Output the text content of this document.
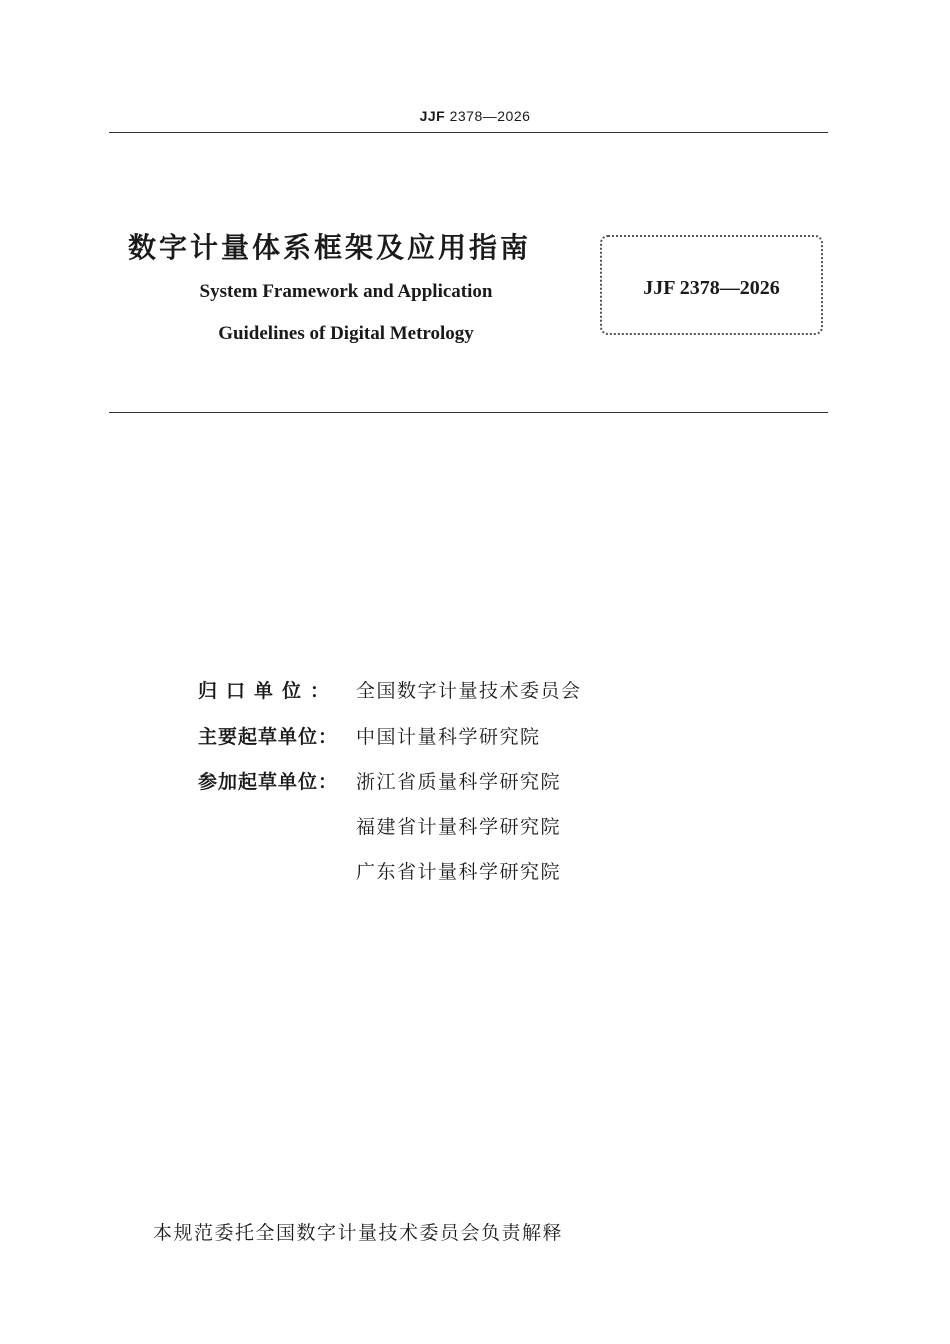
JJF 2378—2026
数字计量体系框架及应用指南
System Framework and Application
Guidelines of Digital Metrology
JJF 2378—2026
归口单位： 全国数字计量技术委员会
主要起草单位： 中国计量科学研究院
参加起草单位： 浙江省质量科学研究院
福建省计量科学研究院
广东省计量科学研究院
本规范委托全国数字计量技术委员会负责解释
